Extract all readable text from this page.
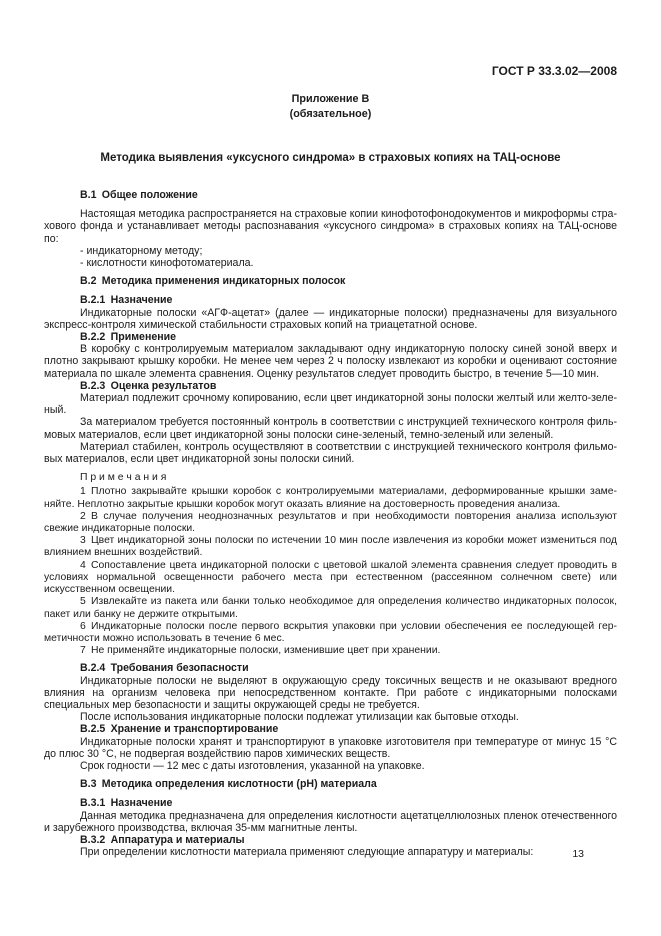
ГОСТ Р 33.3.02—2008
Приложение В
(обязательное)
Методика выявления «уксусного синдрома» в страховых копиях на ТАЦ-основе
В.1 Общее положение

Настоящая методика распространяется на страховые копии кинофотофонодокументов и микроформы страхового фонда и устанавливает методы распознавания «уксусного синдрома» в страховых копиях на ТАЦ-основе по:

- индикаторному методу;
- кислотности кинофотоматериала.
В.2 Методика применения индикаторных полосок
В.2.1 Назначение

Индикаторные полоски «АГФ-ацетат» (далее — индикаторные полоски) предназначены для визуального экспресс-контроля химической стабильности страховых копий на триацетатной основе.

В.2.2 Применение

В коробку с контролируемым материалом закладывают одну индикаторную полоску синей зоной вверх и плотно закрывают крышку коробки. Не менее чем через 2 ч полоску извлекают из коробки и оценивают состояние материала по шкале элемента сравнения. Оценку результатов следует проводить быстро, в течение 5—10 мин.

В.2.3 Оценка результатов

Материал подлежит срочному копированию, если цвет индикаторной зоны полоски желтый или желто-зеленый.

За материалом требуется постоянный контроль в соответствии с инструкцией технического контроля фильмовых материалов, если цвет индикаторной зоны полоски сине-зеленый, темно-зеленый или зеленый.

Материал стабилен, контроль осуществляют в соответствии с инструкцией технического контроля фильмовых материалов, если цвет индикаторной зоны полоски синий.

П р и м е ч а н и я

1 Плотно закрывайте крышки коробок с контролируемыми материалами, деформированные крышки заменяйте. Неплотно закрытые крышки коробок могут оказать влияние на достоверность проведения анализа.

2 В случае получения неоднозначных результатов и при необходимости повторения анализа используют свежие индикаторные полоски.

3 Цвет индикаторной зоны полоски по истечении 10 мин после извлечения из коробки может измениться под влиянием внешних воздействий.

4 Сопоставление цвета индикаторной полоски с цветовой шкалой элемента сравнения следует проводить в условиях нормальной освещенности рабочего места при естественном (рассеянном солнечном свете) или искусственном освещении.

5 Извлекайте из пакета или банки только необходимое для определения количество индикаторных полосок, пакет или банку не держите открытыми.

6 Индикаторные полоски после первого вскрытия упаковки при условии обеспечения ее последующей герметичности можно использовать в течение 6 мес.

7 Не применяйте индикаторные полоски, изменившие цвет при хранении.

В.2.4 Требования безопасности

Индикаторные полоски не выделяют в окружающую среду токсичных веществ и не оказывают вредного влияния на организм человека при непосредственном контакте. При работе с индикаторными полосками специальных мер безопасности и защиты окружающей среды не требуется.

После использования индикаторные полоски подлежат утилизации как бытовые отходы.

В.2.5 Хранение и транспортирование

Индикаторные полоски хранят и транспортируют в упаковке изготовителя при температуре от минус 15 °С до плюс 30 °С, не подвергая воздействию паров химических веществ.

Срок годности — 12 мес с даты изготовления, указанной на упаковке.

В.3 Методика определения кислотности (pH) материала
В.3.1 Назначение

Данная методика предназначена для определения кислотности ацетатцеллюлозных пленок отечественного и зарубежного производства, включая 35-мм магнитные ленты.

В.3.2 Аппаратура и материалы

При определении кислотности материала применяют следующие аппаратуру и материалы:	13
